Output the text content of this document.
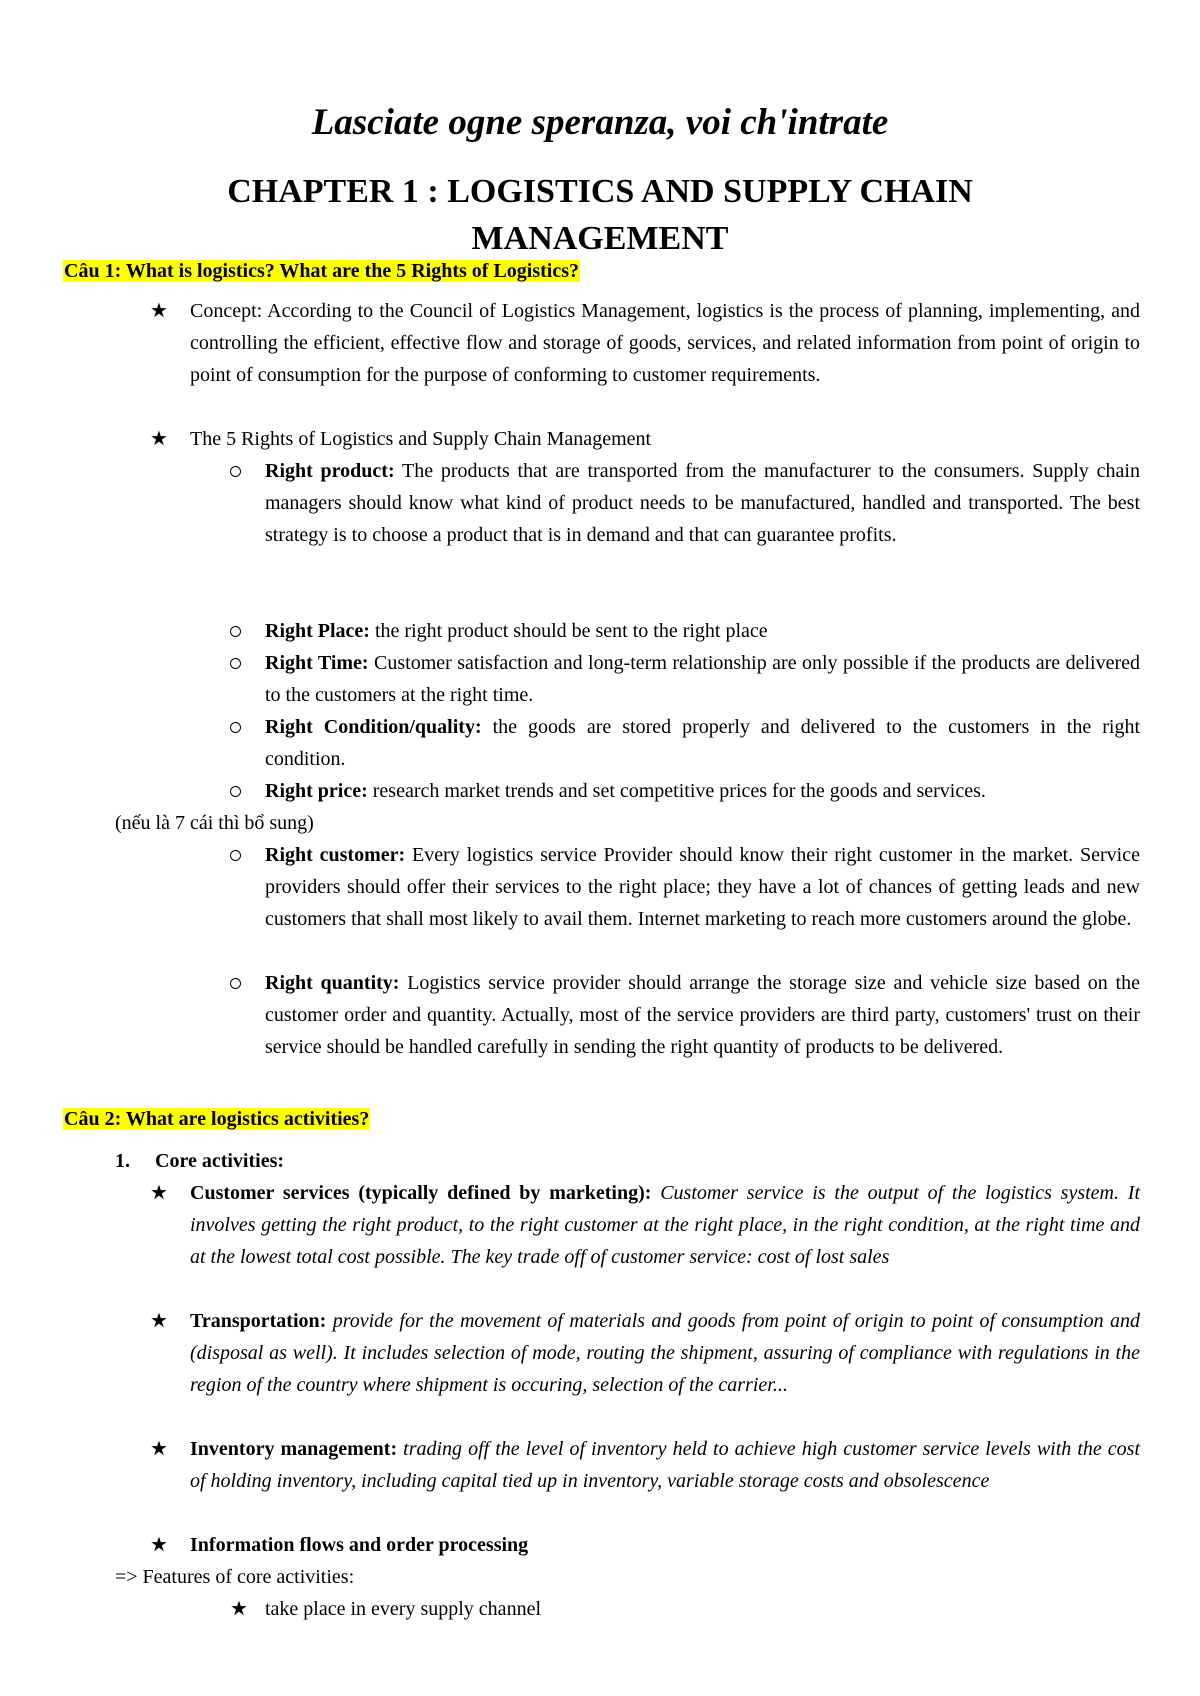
Lasciate ogne speranza, voi ch'intrate
CHAPTER 1 : LOGISTICS AND SUPPLY CHAIN MANAGEMENT
Câu 1: What is logistics? What are the 5 Rights of Logistics?
★ Concept: According to the Council of Logistics Management, logistics is the process of planning, implementing, and controlling the efficient, effective flow and storage of goods, services, and related information from point of origin to point of consumption for the purpose of conforming to customer requirements.
★ The 5 Rights of Logistics and Supply Chain Management
Right product: The products that are transported from the manufacturer to the consumers. Supply chain managers should know what kind of product needs to be manufactured, handled and transported. The best strategy is to choose a product that is in demand and that can guarantee profits.
Right Place: the right product should be sent to the right place
Right Time: Customer satisfaction and long-term relationship are only possible if the products are delivered to the customers at the right time.
Right Condition/quality: the goods are stored properly and delivered to the customers in the right condition.
Right price: research market trends and set competitive prices for the goods and services.
(nếu là 7 cái thì bổ sung)
Right customer: Every logistics service Provider should know their right customer in the market. Service providers should offer their services to the right place; they have a lot of chances of getting leads and new customers that shall most likely to avail them. Internet marketing to reach more customers around the globe.
Right quantity: Logistics service provider should arrange the storage size and vehicle size based on the customer order and quantity. Actually, most of the service providers are third party, customers' trust on their service should be handled carefully in sending the right quantity of products to be delivered.
Câu 2: What are logistics activities?
1. Core activities:
★ Customer services (typically defined by marketing): Customer service is the output of the logistics system. It involves getting the right product, to the right customer at the right place, in the right condition, at the right time and at the lowest total cost possible. The key trade off of customer service: cost of lost sales
★ Transportation: provide for the movement of materials and goods from point of origin to point of consumption and (disposal as well). It includes selection of mode, routing the shipment, assuring of compliance with regulations in the region of the country where shipment is occuring, selection of the carrier...
★ Inventory management: trading off the level of inventory held to achieve high customer service levels with the cost of holding inventory, including capital tied up in inventory, variable storage costs and obsolescence
★ Information flows and order processing
=> Features of core activities:
★ take place in every supply channel
